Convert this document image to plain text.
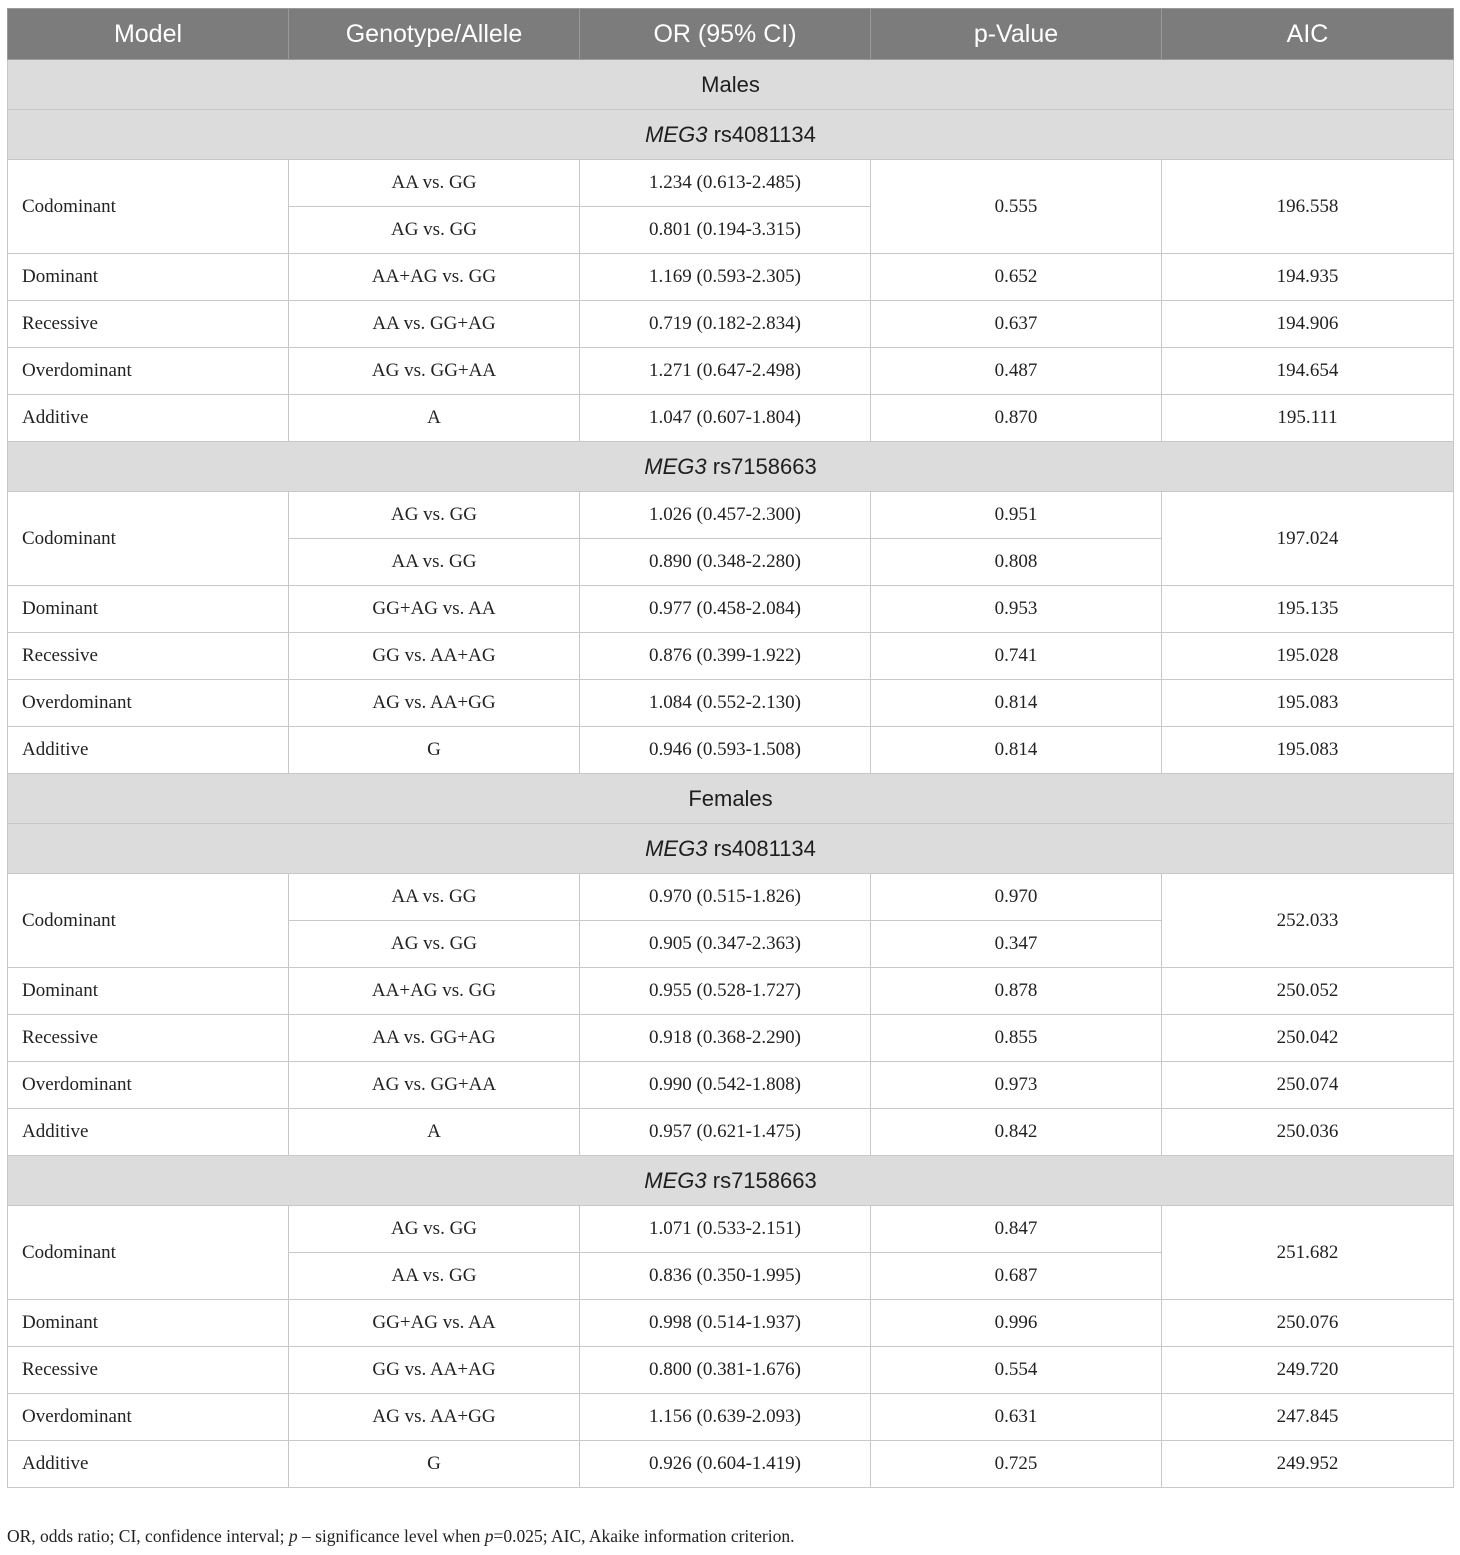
Model	Genotype/Allele	OR (95% CI)	p-Value	AIC
Males				
MEG3 rs4081134				
Codominant	AA vs. GG	1.234 (0.613-2.485)	0.555	196.558
	AG vs. GG	0.801 (0.194-3.315)		
Dominant	AA+AG vs. GG	1.169 (0.593-2.305)	0.652	194.935
Recessive	AA vs. GG+AG	0.719 (0.182-2.834)	0.637	194.906
Overdominant	AG vs. GG+AA	1.271 (0.647-2.498)	0.487	194.654
Additive	A	1.047 (0.607-1.804)	0.870	195.111
MEG3 rs7158663				
Codominant	AG vs. GG	1.026 (0.457-2.300)	0.951	197.024
	AA vs. GG	0.890 (0.348-2.280)	0.808	
Dominant	GG+AG vs. AA	0.977 (0.458-2.084)	0.953	195.135
Recessive	GG vs. AA+AG	0.876 (0.399-1.922)	0.741	195.028
Overdominant	AG vs. AA+GG	1.084 (0.552-2.130)	0.814	195.083
Additive	G	0.946 (0.593-1.508)	0.814	195.083
Females				
MEG3 rs4081134				
Codominant	AA vs. GG	0.970 (0.515-1.826)	0.970	252.033
	AG vs. GG	0.905 (0.347-2.363)	0.347	
Dominant	AA+AG vs. GG	0.955 (0.528-1.727)	0.878	250.052
Recessive	AA vs. GG+AG	0.918 (0.368-2.290)	0.855	250.042
Overdominant	AG vs. GG+AA	0.990 (0.542-1.808)	0.973	250.074
Additive	A	0.957 (0.621-1.475)	0.842	250.036
MEG3 rs7158663				
Codominant	AG vs. GG	1.071 (0.533-2.151)	0.847	251.682
	AA vs. GG	0.836 (0.350-1.995)	0.687	
Dominant	GG+AG vs. AA	0.998 (0.514-1.937)	0.996	250.076
Recessive	GG vs. AA+AG	0.800 (0.381-1.676)	0.554	249.720
Overdominant	AG vs. AA+GG	1.156 (0.639-2.093)	0.631	247.845
Additive	G	0.926 (0.604-1.419)	0.725	249.952
OR, odds ratio; CI, confidence interval; p – significance level when p=0.025; AIC, Akaike information criterion.
